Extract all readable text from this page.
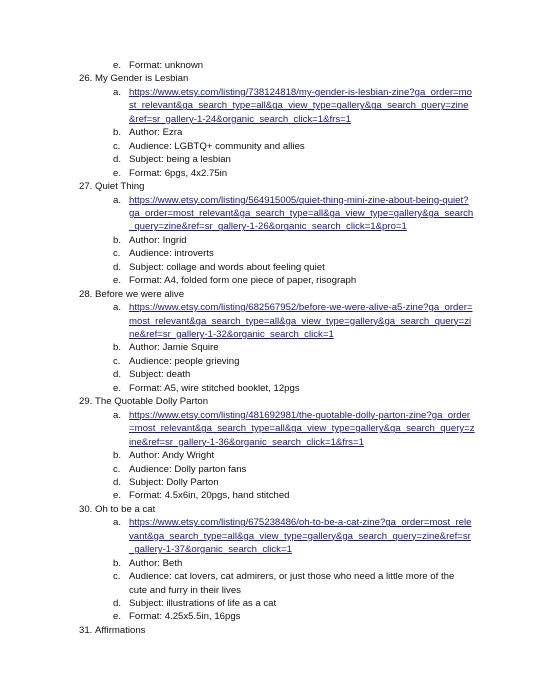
e. Format: unknown
26. My Gender is Lesbian
a. https://www.etsy.com/listing/738124818/my-gender-is-lesbian-zine?ga_order=mo
st_relevant&ga_search_type=all&ga_view_type=gallery&ga_search_query=zine
&ref=sr_gallery-1-24&organic_search_click=1&frs=1
b. Author: Ezra
c. Audience: LGBTQ+ community and allies
d. Subject: being a lesbian
e. Format: 6pgs, 4x2.75in
27. Quiet Thing
a. https://www.etsy.com/listing/564915005/quiet-thing-mini-zine-about-being-quiet?
ga_order=most_relevant&ga_search_type=all&ga_view_type=gallery&ga_search
_query=zine&ref=sr_gallery-1-26&organic_search_click=1&pro=1
b. Author: Ingrid
c. Audience: introverts
d. Subject: collage and words about feeling quiet
e. Format: A4, folded form one piece of paper, risograph
28. Before we were alive
a. https://www.etsy.com/listing/682567952/before-we-were-alive-a5-zine?ga_order=
most_relevant&ga_search_type=all&ga_view_type=gallery&ga_search_query=zi
ne&ref=sr_gallery-1-32&organic_search_click=1
b. Author: Jamie Squire
c. Audience: people grieving
d. Subject: death
e. Format: A5, wire stitched booklet, 12pgs
29. The Quotable Dolly Parton
a. https://www.etsy.com/listing/481692981/the-quotable-dolly-parton-zine?ga_order
=most_relevant&ga_search_type=all&ga_view_type=gallery&ga_search_query=z
ine&ref=sr_gallery-1-36&organic_search_click=1&frs=1
b. Author: Andy Wright
c. Audience: Dolly parton fans
d. Subject: Dolly Parton
e. Format: 4.5x6in, 20pgs, hand stitched
30. Oh to be a cat
a. https://www.etsy.com/listing/675238486/oh-to-be-a-cat-zine?ga_order=most_rele
vant&ga_search_type=all&ga_view_type=gallery&ga_search_query=zine&ref=sr
_gallery-1-37&organic_search_click=1
b. Author: Beth
c. Audience: cat lovers, cat admirers, or just those who need a little more of the
cute and furry in their lives
d. Subject: illustrations of life as a cat
e. Format: 4.25x5.5in, 16pgs
31. Affirmations
